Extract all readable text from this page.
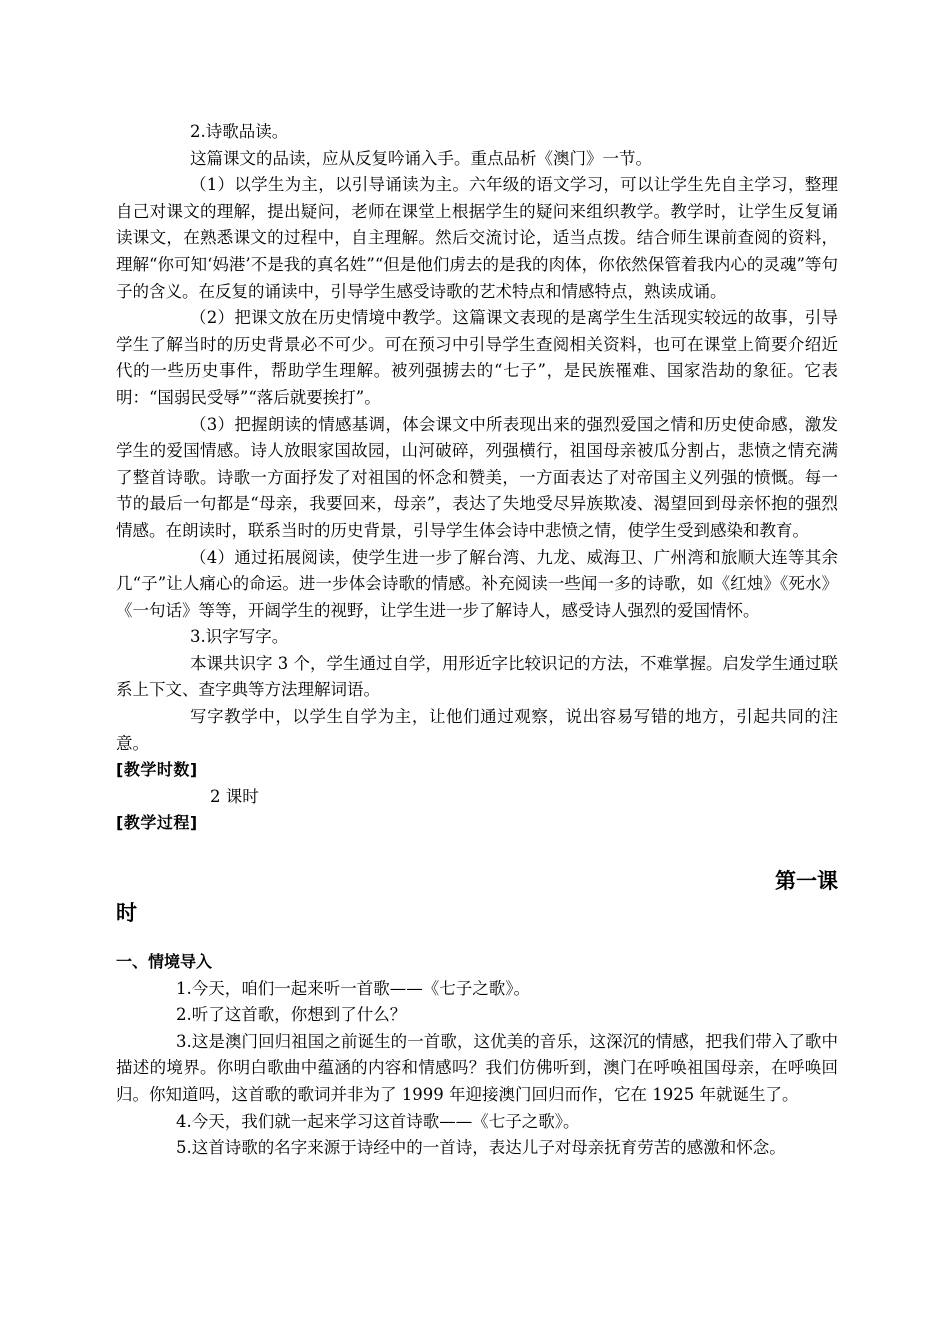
2.诗歌品读。

这篇课文的品读，应从反复吟诵入手。重点品析《澳门》一节。

（1）以学生为主，以引导诵读为主。六年级的语文学习，可以让学生先自主学习，整理自己对课文的理解，提出疑问，老师在课堂上根据学生的疑问来组织教学。教学时，让学生反复诵读课文，在熟悉课文的过程中，自主理解。然后交流讨论，适当点拨。结合师生课前查阅的资料，理解“你可知‘妈港’不是我的真名姓”“但是他们虏去的是我的肉体，你依然保管着我内心的灵魂”等句子的含义。在反复的诵读中，引导学生感受诗歌的艺术特点和情感特点，熟读成诵。

（2）把课文放在历史情境中教学。这篇课文表现的是离学生生活现实较远的故事，引导学生了解当时的历史背景必不可少。可在预习中引导学生查阅相关资料，也可在课堂上简要介绍近代的一些历史事件，帮助学生理解。被列强掳去的“七子”，是民族罹难、国家浩劫的象征。它表明：“国弱民受辱”“落后就要挨打”。

（3）把握朗读的情感基调，体会课文中所表现出来的强烈爱国之情和历史使命感，激发学生的爱国情感。诗人放眼家国故园，山河破碎，列强横行，祖国母亲被瓜分割占，悲愤之情充满了整首诗歌。诗歌一方面抒发了对祖国的怀念和赞美，一方面表达了对帝国主义列强的愤慨。每一节的最后一句都是“母亲，我要回来，母亲”，表达了失地受尽异族欺凌、渴望回到母亲怀抱的强烈情感。在朗读时，联系当时的历史背景，引导学生体会诗中悲愤之情，使学生受到感染和教育。

（4）通过拓展阅读，使学生进一步了解台湾、九龙、威海卫、广州湾和旅顺大连等其余几“子”让人痛心的命运。进一步体会诗歌的情感。补充阅读一些闻一多的诗歌，如《红烛》《死水》《一句话》等等，开阔学生的视野，让学生进一步了解诗人，感受诗人强烈的爱国情怀。

3.识字写字。

本课共识字 3 个，学生通过自学，用形近字比较识记的方法，不难掌握。启发学生通过联系上下文、查字典等方法理解词语。

写字教学中，以学生自学为主，让他们通过观察，说出容易写错的地方，引起共同的注意。

[教学时数]

2 课时

[教学过程]

第一课

时

一、情境导入

1.今天，咱们一起来听一首歌——《七子之歌》。

2.听了这首歌，你想到了什么？

3.这是澳门回归祖国之前诞生的一首歌，这优美的音乐，这深沉的情感，把我们带入了歌中描述的境界。你明白歌曲中蕴涵的内容和情感吗？我们仿佛听到，澳门在呼唤祖国母亲，在呼唤回归。你知道吗，这首歌的歌词并非为了 1999 年迎接澳门回归而作，它在 1925 年就诞生了。

4.今天，我们就一起来学习这首诗歌——《七子之歌》。

5.这首诗歌的名字来源于诗经中的一首诗，表达儿子对母亲抚育劳苦的感激和怀念。
